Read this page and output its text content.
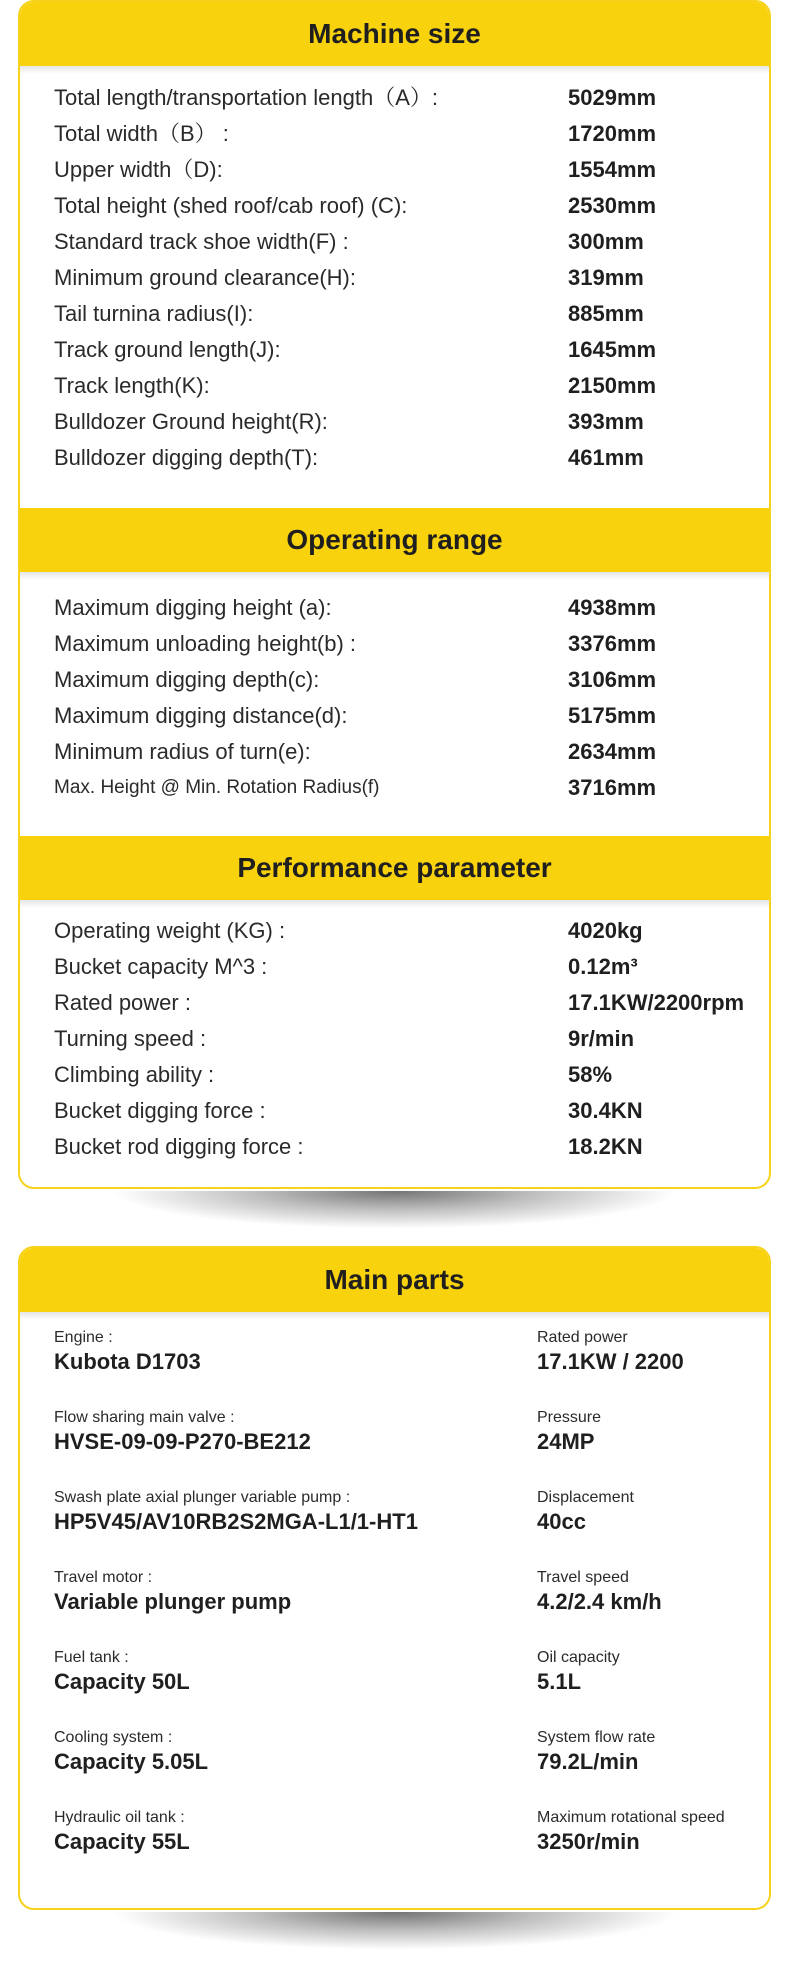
Machine size
Total length/transportation length（A）:	5029mm
Total width（B） :	1720mm
Upper width（D):	1554mm
Total height (shed roof/cab roof) (C):	2530mm
Standard track shoe width(F) :	300mm
Minimum ground clearance(H):	319mm
Tail turnina radius(I):	885mm
Track ground length(J):	1645mm
Track length(K):	2150mm
Bulldozer Ground height(R):	393mm
Bulldozer digging depth(T):	461mm
Operating range
Maximum digging height (a):	4938mm
Maximum unloading height(b) :	3376mm
Maximum digging depth(c):	3106mm
Maximum digging distance(d):	5175mm
Minimum radius of turn(e):	2634mm
Max. Height @ Min. Rotation Radius(f)	3716mm
Performance parameter
Operating weight (KG) :	4020kg
Bucket capacity M^3 :	0.12m³
Rated power :	17.1KW/2200rpm
Turning speed :	9r/min
Climbing ability :	58%
Bucket digging force :	30.4KN
Bucket rod digging force :	18.2KN
Main parts
Engine :
Kubota D1703
Rated power
17.1KW / 2200
Flow sharing main valve :
HVSE-09-09-P270-BE212
Pressure
24MP
Swash plate axial plunger variable pump :
HP5V45/AV10RB2S2MGA-L1/1-HT1
Displacement
40cc
Travel motor :
Variable plunger pump
Travel speed
4.2/2.4 km/h
Fuel tank :
Capacity 50L
Oil capacity
5.1L
Cooling system :
Capacity 5.05L
System flow rate
79.2L/min
Hydraulic oil tank :
Capacity 55L
Maximum rotational speed
3250r/min
